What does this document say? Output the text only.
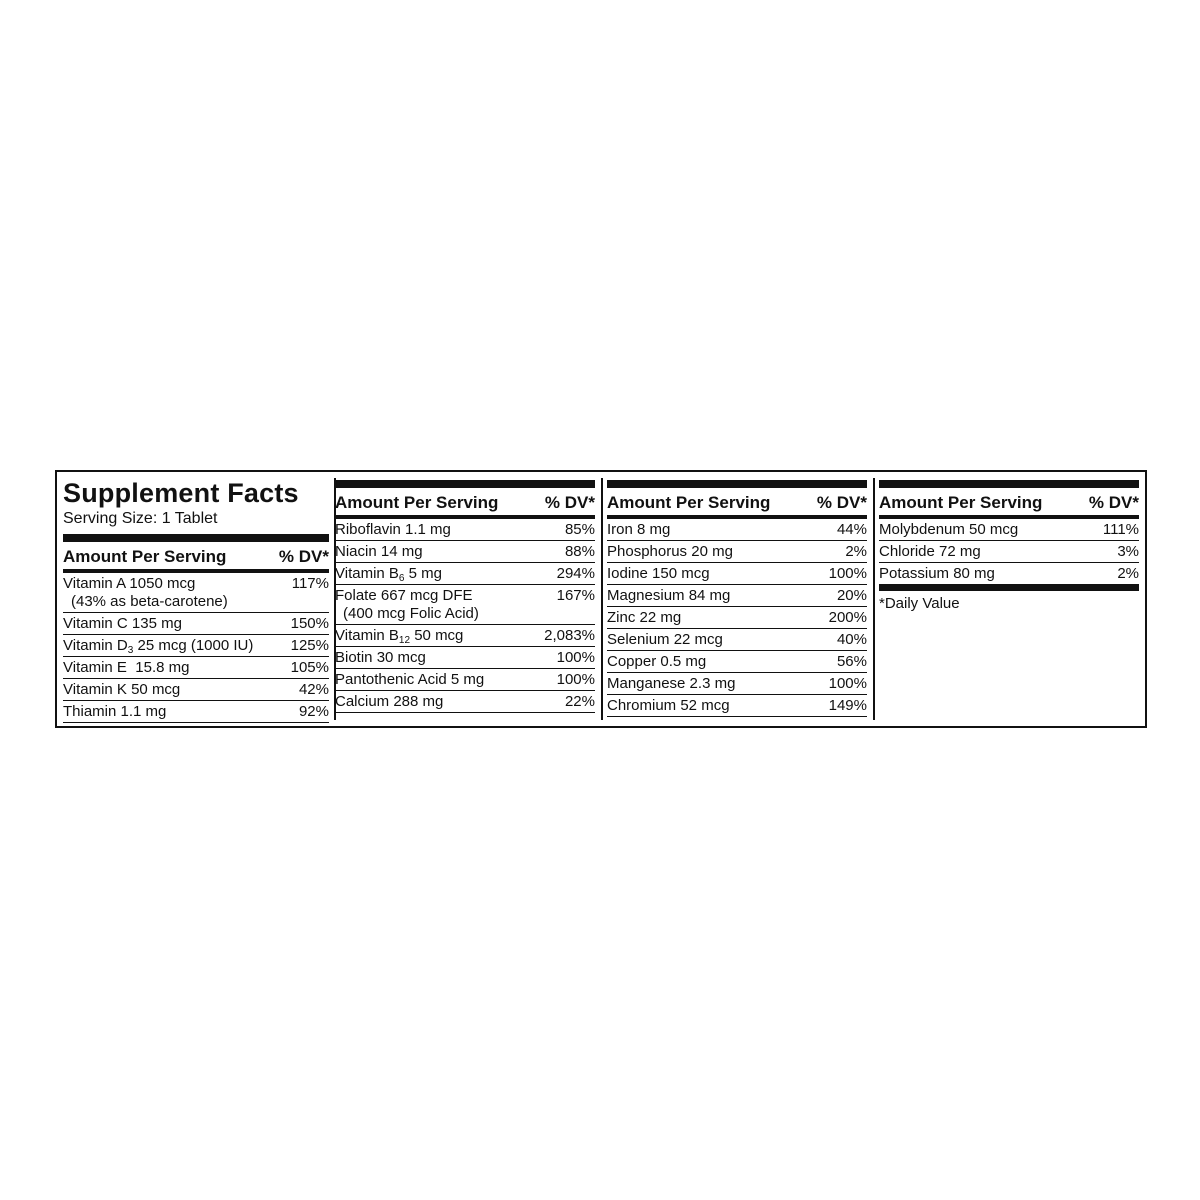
Supplement Facts
Serving Size: 1 Tablet
Amount Per Serving	% DV*
Vitamin A 1050 mcg
(43% as beta-carotene)
117%
Vitamin C 135 mg	150%
Vitamin $D_3$ 25 mcg (1000 IU) 125%
Vitamin E  15.8 mg	105%
Vitamin K 50 mcg	42%
Thiamin 1.1 mg	92%
Amount Per Serving	% DV*
Riboflavin 1.1 mg	85%
Niacin 14 mg	88%
Vitamin $B_6$ 5 mg	294%
Folate 667 mcg DFE
(400 mcg Folic Acid)
167%
Vitamin $B_{12}$ 50 mcg	2,083%
Biotin 30 mcg	100%
Pantothenic Acid 5 mg	100%
Calcium 288 mg	22%
Amount Per Serving	% DV*
Iron 8 mg	44%
Phosphorus 20 mg	2%
Iodine 150 mcg	100%
Magnesium 84 mg	20%
Zinc 22 mg	200%
Selenium 22 mcg	40%
Copper 0.5 mg	56%
Manganese 2.3 mg	100%
Chromium 52 mcg	149%
Amount Per Serving	% DV*
Molybdenum 50 mcg	111%
Chloride 72 mg	3%
Potassium 80 mg	2%
*Daily Value
